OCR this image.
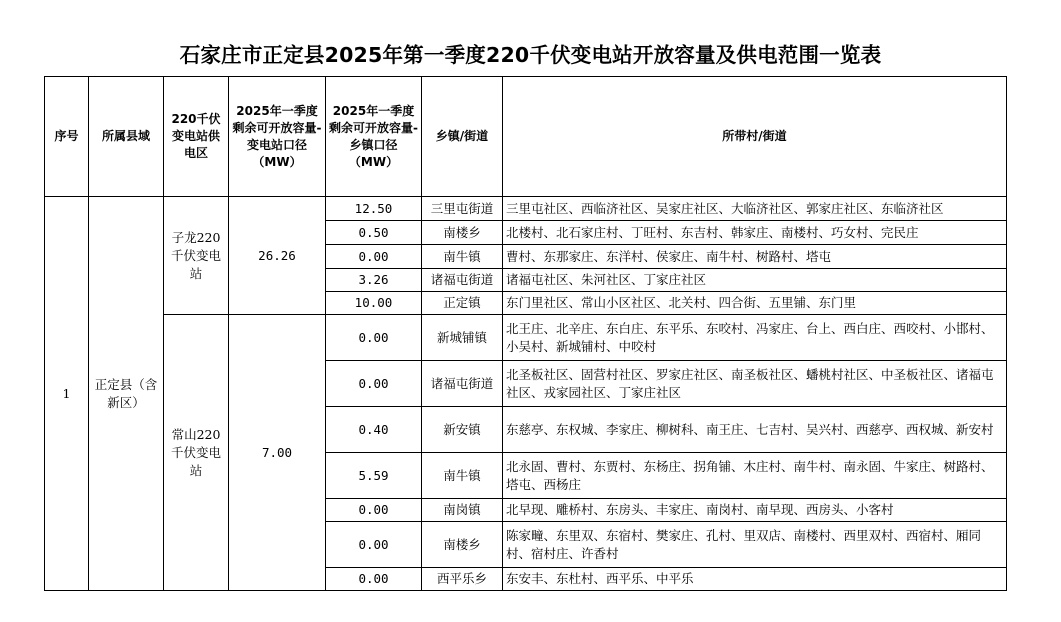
石家庄市正定县2025年第一季度220千伏变电站开放容量及供电范围一览表
序号	所属县域	220千伏变电站供电区	2025年一季度剩余可开放容量-变电站口径（MW）	2025年一季度剩余可开放容量-乡镇口径（MW）	乡镇/街道	所带村/街道
1	正定县（含新区）	子龙220千伏变电站	26.26	12.50	三里屯街道	三里屯社区、西临济社区、吴家庄社区、大临济社区、郭家庄社区、东临济社区
				0.50	南楼乡	北楼村、北石家庄村、丁旺村、东吉村、韩家庄、南楼村、巧女村、完民庄
				0.00	南牛镇	曹村、东那家庄、东洋村、侯家庄、南牛村、树路村、塔屯
				3.26	诸福屯街道	诸福屯社区、朱河社区、丁家庄社区
				10.00	正定镇	东门里社区、常山小区社区、北关村、四合街、五里铺、东门里
		常山220千伏变电站	7.00	0.00	新城铺镇	北王庄、北辛庄、东白庄、东平乐、东咬村、冯家庄、台上、西白庄、西咬村、小邯村、小吴村、新城铺村、中咬村
				0.00	诸福屯街道	北圣板社区、固营村社区、罗家庄社区、南圣板社区、蟠桃村社区、中圣板社区、诸福屯社区、戎家园社区、丁家庄社区
				0.40	新安镇	东慈亭、东权城、李家庄、柳树科、南王庄、七吉村、吴兴村、西慈亭、西权城、新安村
				5.59	南牛镇	北永固、曹村、东贾村、东杨庄、拐角铺、木庄村、南牛村、南永固、牛家庄、树路村、塔屯、西杨庄
				0.00	南岗镇	北早现、雕桥村、东房头、丰家庄、南岗村、南早现、西房头、小客村
				0.00	南楼乡	陈家疃、东里双、东宿村、樊家庄、孔村、里双店、南楼村、西里双村、西宿村、厢同村、宿村庄、许香村
				0.00	西平乐乡	东安丰、东杜村、西平乐、中平乐
